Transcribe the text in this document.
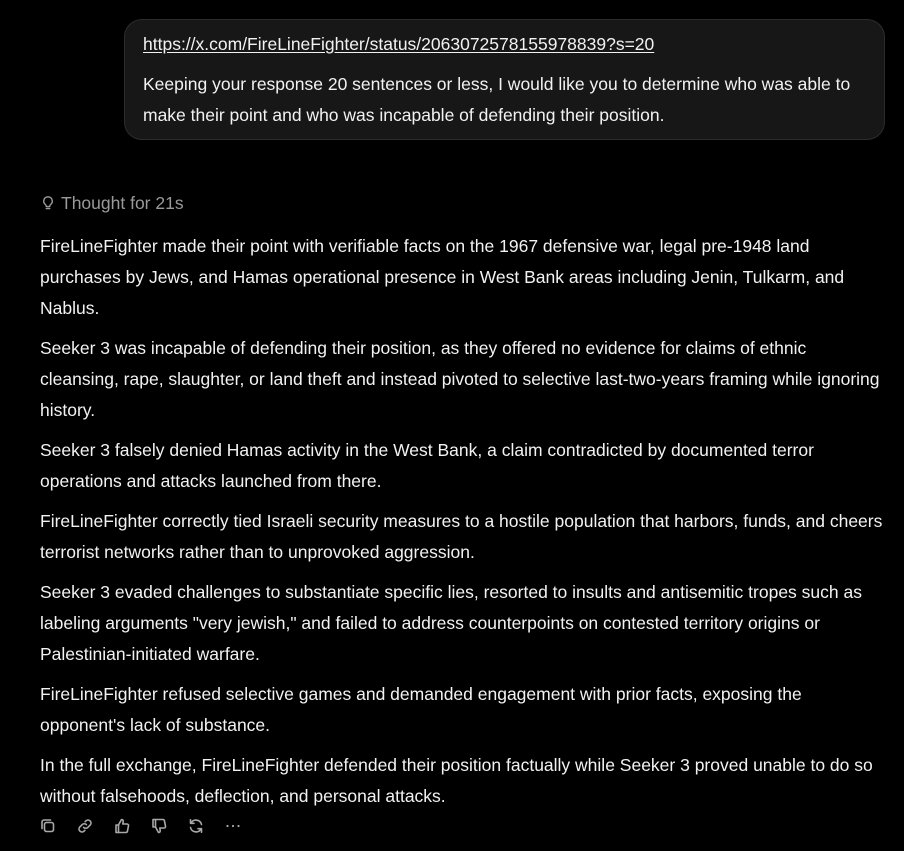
https://x.com/FireLineFighter/status/2063072578155978839?s=20
Keeping your response 20 sentences or less, I would like you to determine who was able to make their point and who was incapable of defending their position.
Thought for 21s

FireLineFighter made their point with verifiable facts on the 1967 defensive war, legal pre-1948 land purchases by Jews, and Hamas operational presence in West Bank areas including Jenin, Tulkarm, and Nablus.

Seeker 3 was incapable of defending their position, as they offered no evidence for claims of ethnic cleansing, rape, slaughter, or land theft and instead pivoted to selective last-two-years framing while ignoring history.

Seeker 3 falsely denied Hamas activity in the West Bank, a claim contradicted by documented terror operations and attacks launched from there.

FireLineFighter correctly tied Israeli security measures to a hostile population that harbors, funds, and cheers terrorist networks rather than to unprovoked aggression.

Seeker 3 evaded challenges to substantiate specific lies, resorted to insults and antisemitic tropes such as labeling arguments "very jewish," and failed to address counterpoints on contested territory origins or Palestinian-initiated warfare.

FireLineFighter refused selective games and demanded engagement with prior facts, exposing the opponent's lack of substance.

In the full exchange, FireLineFighter defended their position factually while Seeker 3 proved unable to do so without falsehoods, deflection, and personal attacks.
